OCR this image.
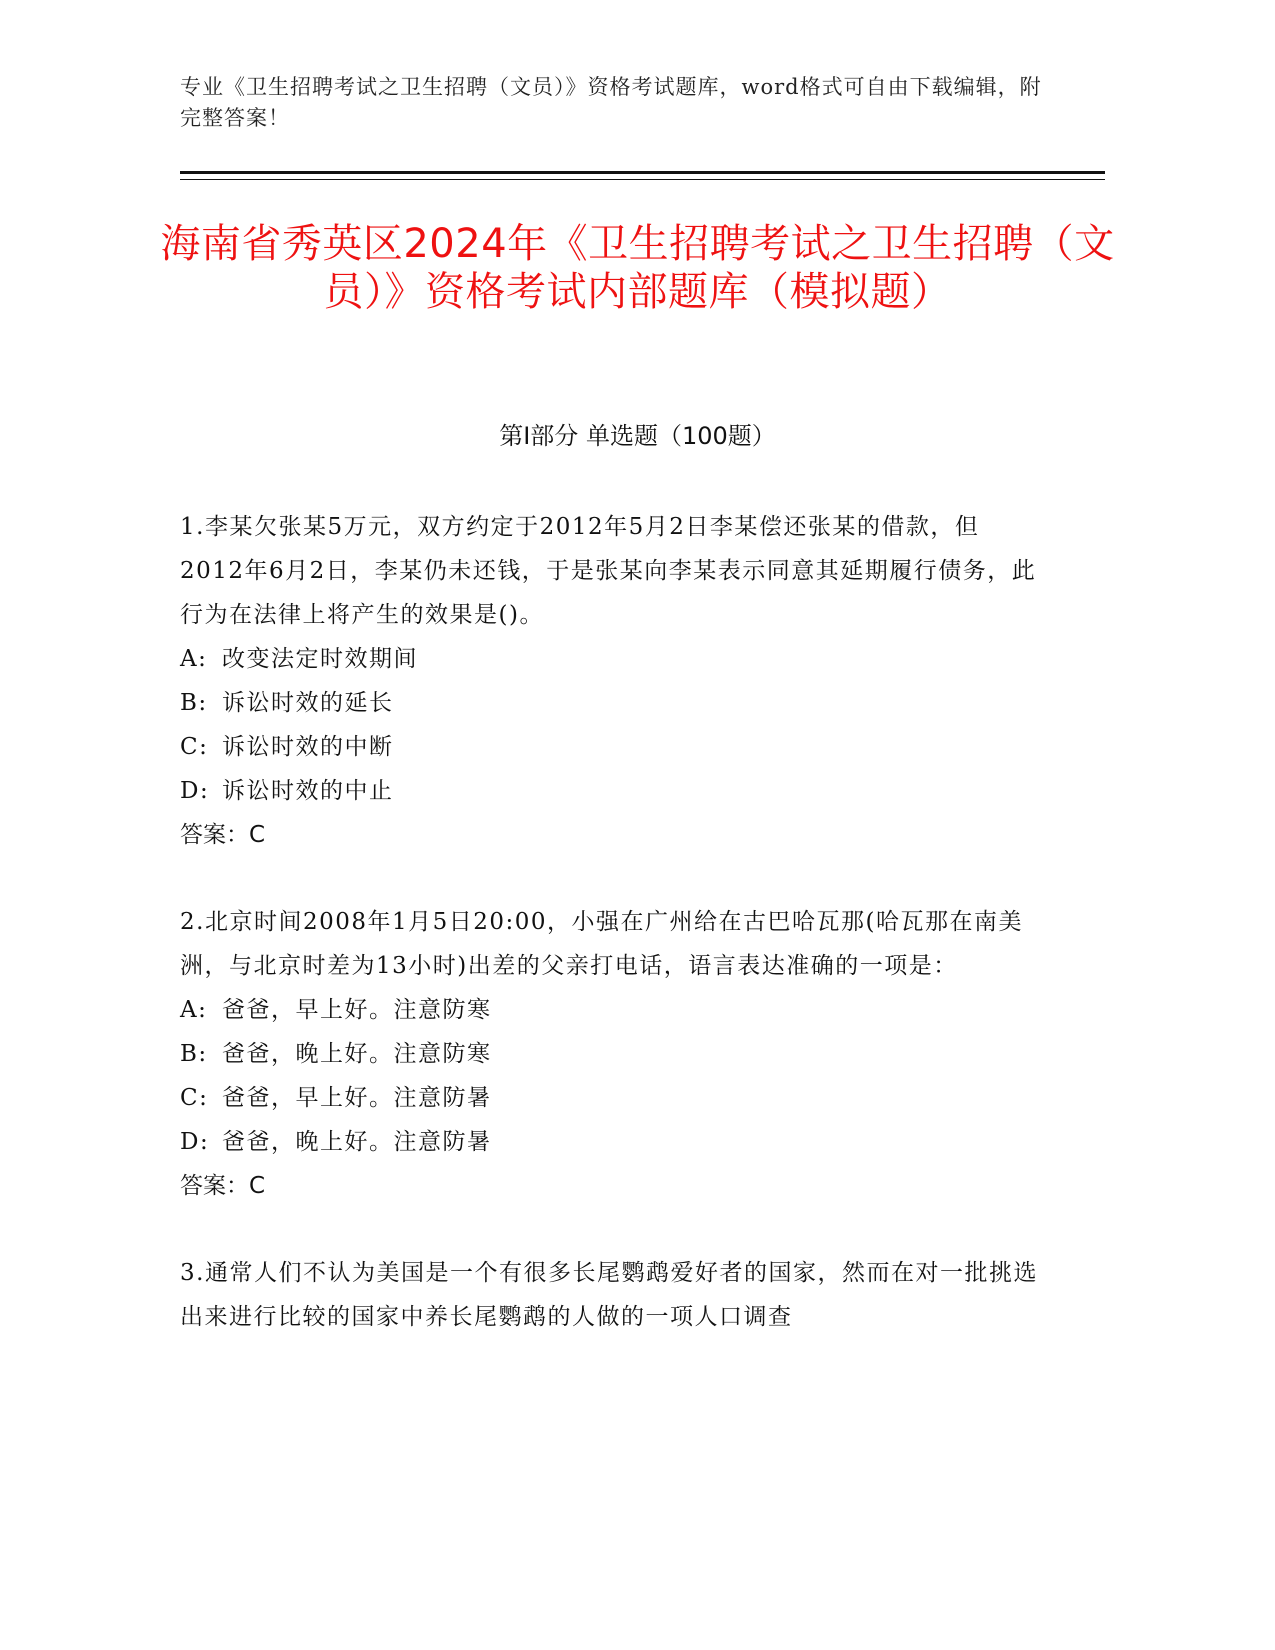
专业《卫生招聘考试之卫生招聘（文员）》资格考试题库，word格式可自由下载编辑，附完整答案！
海南省秀英区2024年《卫生招聘考试之卫生招聘（文员）》资格考试内部题库（模拟题）
第Ⅰ部分 单选题（100题）

1.李某欠张某5万元，双方约定于2012年5月2日李某偿还张某的借款，但2012年6月2日，李某仍未还钱，于是张某向李某表示同意其延期履行债务，此行为在法律上将产生的效果是()。

A: 改变法定时效期间

B: 诉讼时效的延长

C: 诉讼时效的中断

D: 诉讼时效的中止

答案：C

2.北京时间2008年1月5日20:00，小强在广州给在古巴哈瓦那(哈瓦那在南美洲，与北京时差为13小时)出差的父亲打电话，语言表达准确的一项是：

A: 爸爸，早上好。注意防寒

B: 爸爸，晚上好。注意防寒

C: 爸爸，早上好。注意防暑

D: 爸爸，晚上好。注意防暑

答案：C

3.通常人们不认为美国是一个有很多长尾鹦鹉爱好者的国家，然而在对一批挑选出来进行比较的国家中养长尾鹦鹉的人做的一项人口调查
